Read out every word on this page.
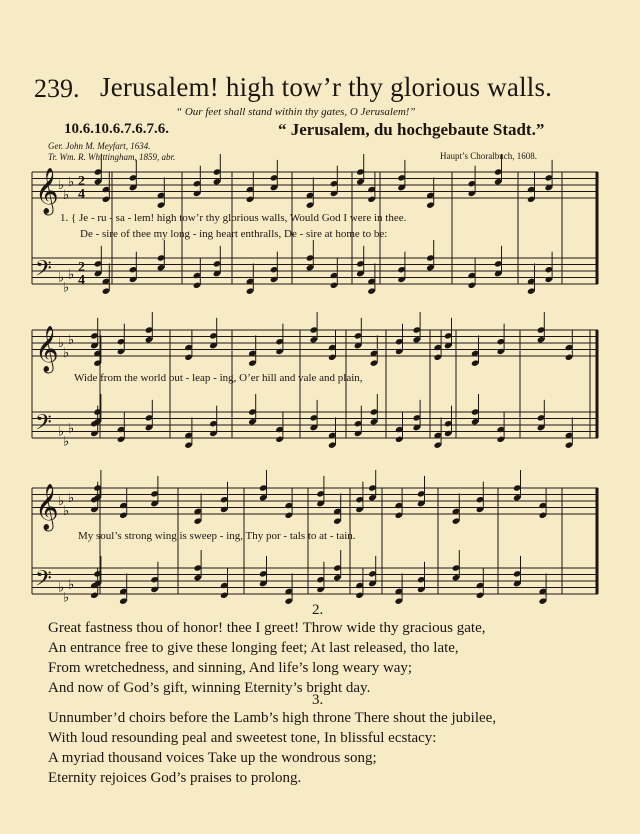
239. Jerusalem! high tow’r thy glorious walls.
“ Our feet shall stand within thy gates, O Jerusalem!”
10.6.10.6.7.6.7.6.	“ Jerusalem, du hochgebaute Stadt.”
Ger. John M. Meyfart, 1634.
Tr. Wm. R. Whittingham, 1859, abr.	Haupt’s Choralbuch, 1608.
𝄞 ♭
♭
♭
𝄢 ♭
♭
♭
𝄞 ♭
♭
♭
𝄢 ♭
♭
♭
𝄞 ♭
♭
♭
𝄢 ♭
♭
♭
2
4
2
4
1. { Je - ru - sa - lem! high tow’r thy glorious walls, Would God I were in thee.
De - sire of thee my long - ing heart enthralls, De - sire at home to be:
Wide from the world out - leap - ing, O’er hill and vale and plain,
My soul’s strong wing is sweep - ing, Thy por - tals to at - tain.
2.
Great fastness thou of honor! thee I greet! Throw wide thy gracious gate,
An entrance free to give these longing feet; At last released, tho late,
From wretchedness, and sinning, And life’s long weary way;
And now of God’s gift, winning Eternity’s bright day.
3.
Unnumber’d choirs before the Lamb’s high throne There shout the jubilee,
With loud resounding peal and sweetest tone, In blissful ecstacy:
A myriad thousand voices Take up the wondrous song;
Eternity rejoices God’s praises to prolong.
